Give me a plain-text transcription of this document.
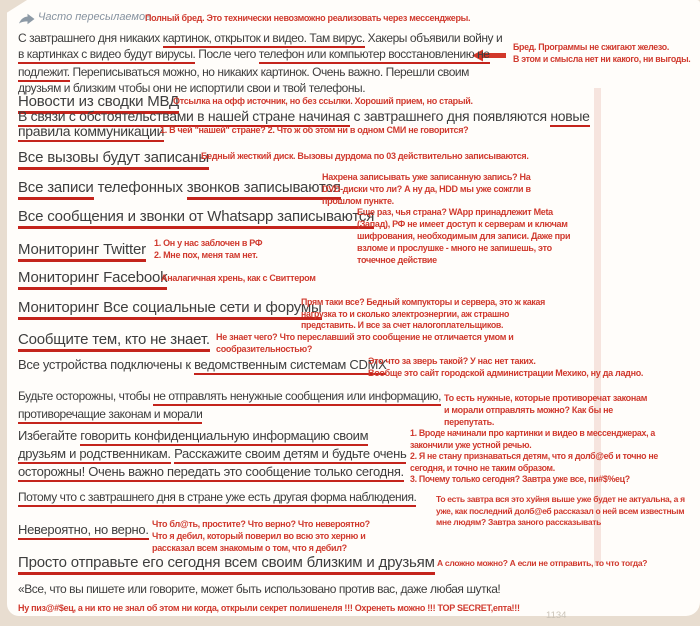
1134
Часто пересылаемое
Полный бред. Это технически невозможно реализовать через мессенджеры.
С завтрашнего дня никаких картинок, открыток и видео. Там вирус. Хакеры объявили войну и
в картинках с видео будут вирусы. После чего телефон или компьютер восстановлению не
подлежит. Переписываться можно, но никаких картинок. Очень важно. Перешли своим
друзьям и близким чтобы они не испортили свои и твой телефоны.
Бред. Программы не сжигают железо.
В этом и смысла нет ни какого, ни выгоды.
Новости из сводки МВД
Отсылка на офф источник, но без ссылки. Хороший прием, но старый.
В связи с обстоятельствами в нашей стране начиная с завтрашнего дня появляются новые
правила коммуникации
1. В чей "нашей" стране? 2. Что ж об этом ни в одном СМИ не говорится?
Все вызовы будут записаны
Бедный жесткий диск. Вызовы дурдома по 03 действительно записываются.
Все записи телефонных звонков записываются
Нахрена записывать уже записанную запись? На DVD-диски что ли? А ну да, HDD мы уже сожгли в прошлом пункте.
Все сообщения и звонки от Whatsapp записываются
Еще раз, чья страна? WApp принадлежит Meta (Запад), РФ не имеет доступ к серверам и ключам шифрования, необходимым для записи. Даже при взломе и прослушке - много не запишешь, это точечное действие
Мониторинг Twitter 1. Он у нас заблочен в РФ
2. Мне пох, меня там нет.
Мониторинг Facebook
Аналагичная хрень, как с Свиттером
Мониторинг Все социальные сети и форумы
Прям таки все? Бедный компукторы и сервера, это ж какая нагрузка то и сколько электроэнергии, аж страшно представить. И все за счет налогоплательщиков.
Сообщите тем, кто не знает. Не знает чего? Что переславший это сообщение не отличается умом и сообразительностью?
Все устройства подключены к ведомственным системам CDMX
Это что за зверь такой? У нас нет таких.
Вообще это сайт городской администрации Мехико, ну да ладно.
Будьте осторожны, чтобы не отправлять ненужные сообщения или информацию,
противоречащие законам и морали
То есть нужные, которые противоречат законам и морали отправлять можно? Как бы не перепутать.
Избегайте говорить конфиденциальную информацию своим
друзьям и родственникам. Расскажите своим детям и будьте очень
осторожны! Очень важно передать это сообщение только сегодня.
1. Вроде начинали про картинки и видео в мессенджерах, а закончили уже устной речью.
2. Я не стану признаваться детям, что я долб@еб и точно не сегодня, и точно не таким образом.
3. Почему только сегодня? Завтра уже все, пи#$%ец?
Потому что с завтрашнего дня в стране уже есть другая форма наблюдения. То есть завтра вся это хуйня выше уже будет не актуальна, а я уже, как последний долб@еб рассказал о ней всем известным мне людям? Завтра заного рассказывать
Невероятно, но верно. Что бл@ть, простите? Что верно? Что невероятно?
Что я дебил, который поверил во всю это херню и рассказал всем знакомым о том, что я дебил?
Просто отправьте его сегодня всем своим близким и друзьям А сложно можно? А если не отправить, то что тогда?
«Все, что вы пишете или говорите, может быть использовано против вас, даже любая шутка!
Ну пиз@#$ец, а ни кто не знал об этом ни когда, открыли секрет полишенеля !!! Охренеть можно !!! TOP SECRET,епта!!!
